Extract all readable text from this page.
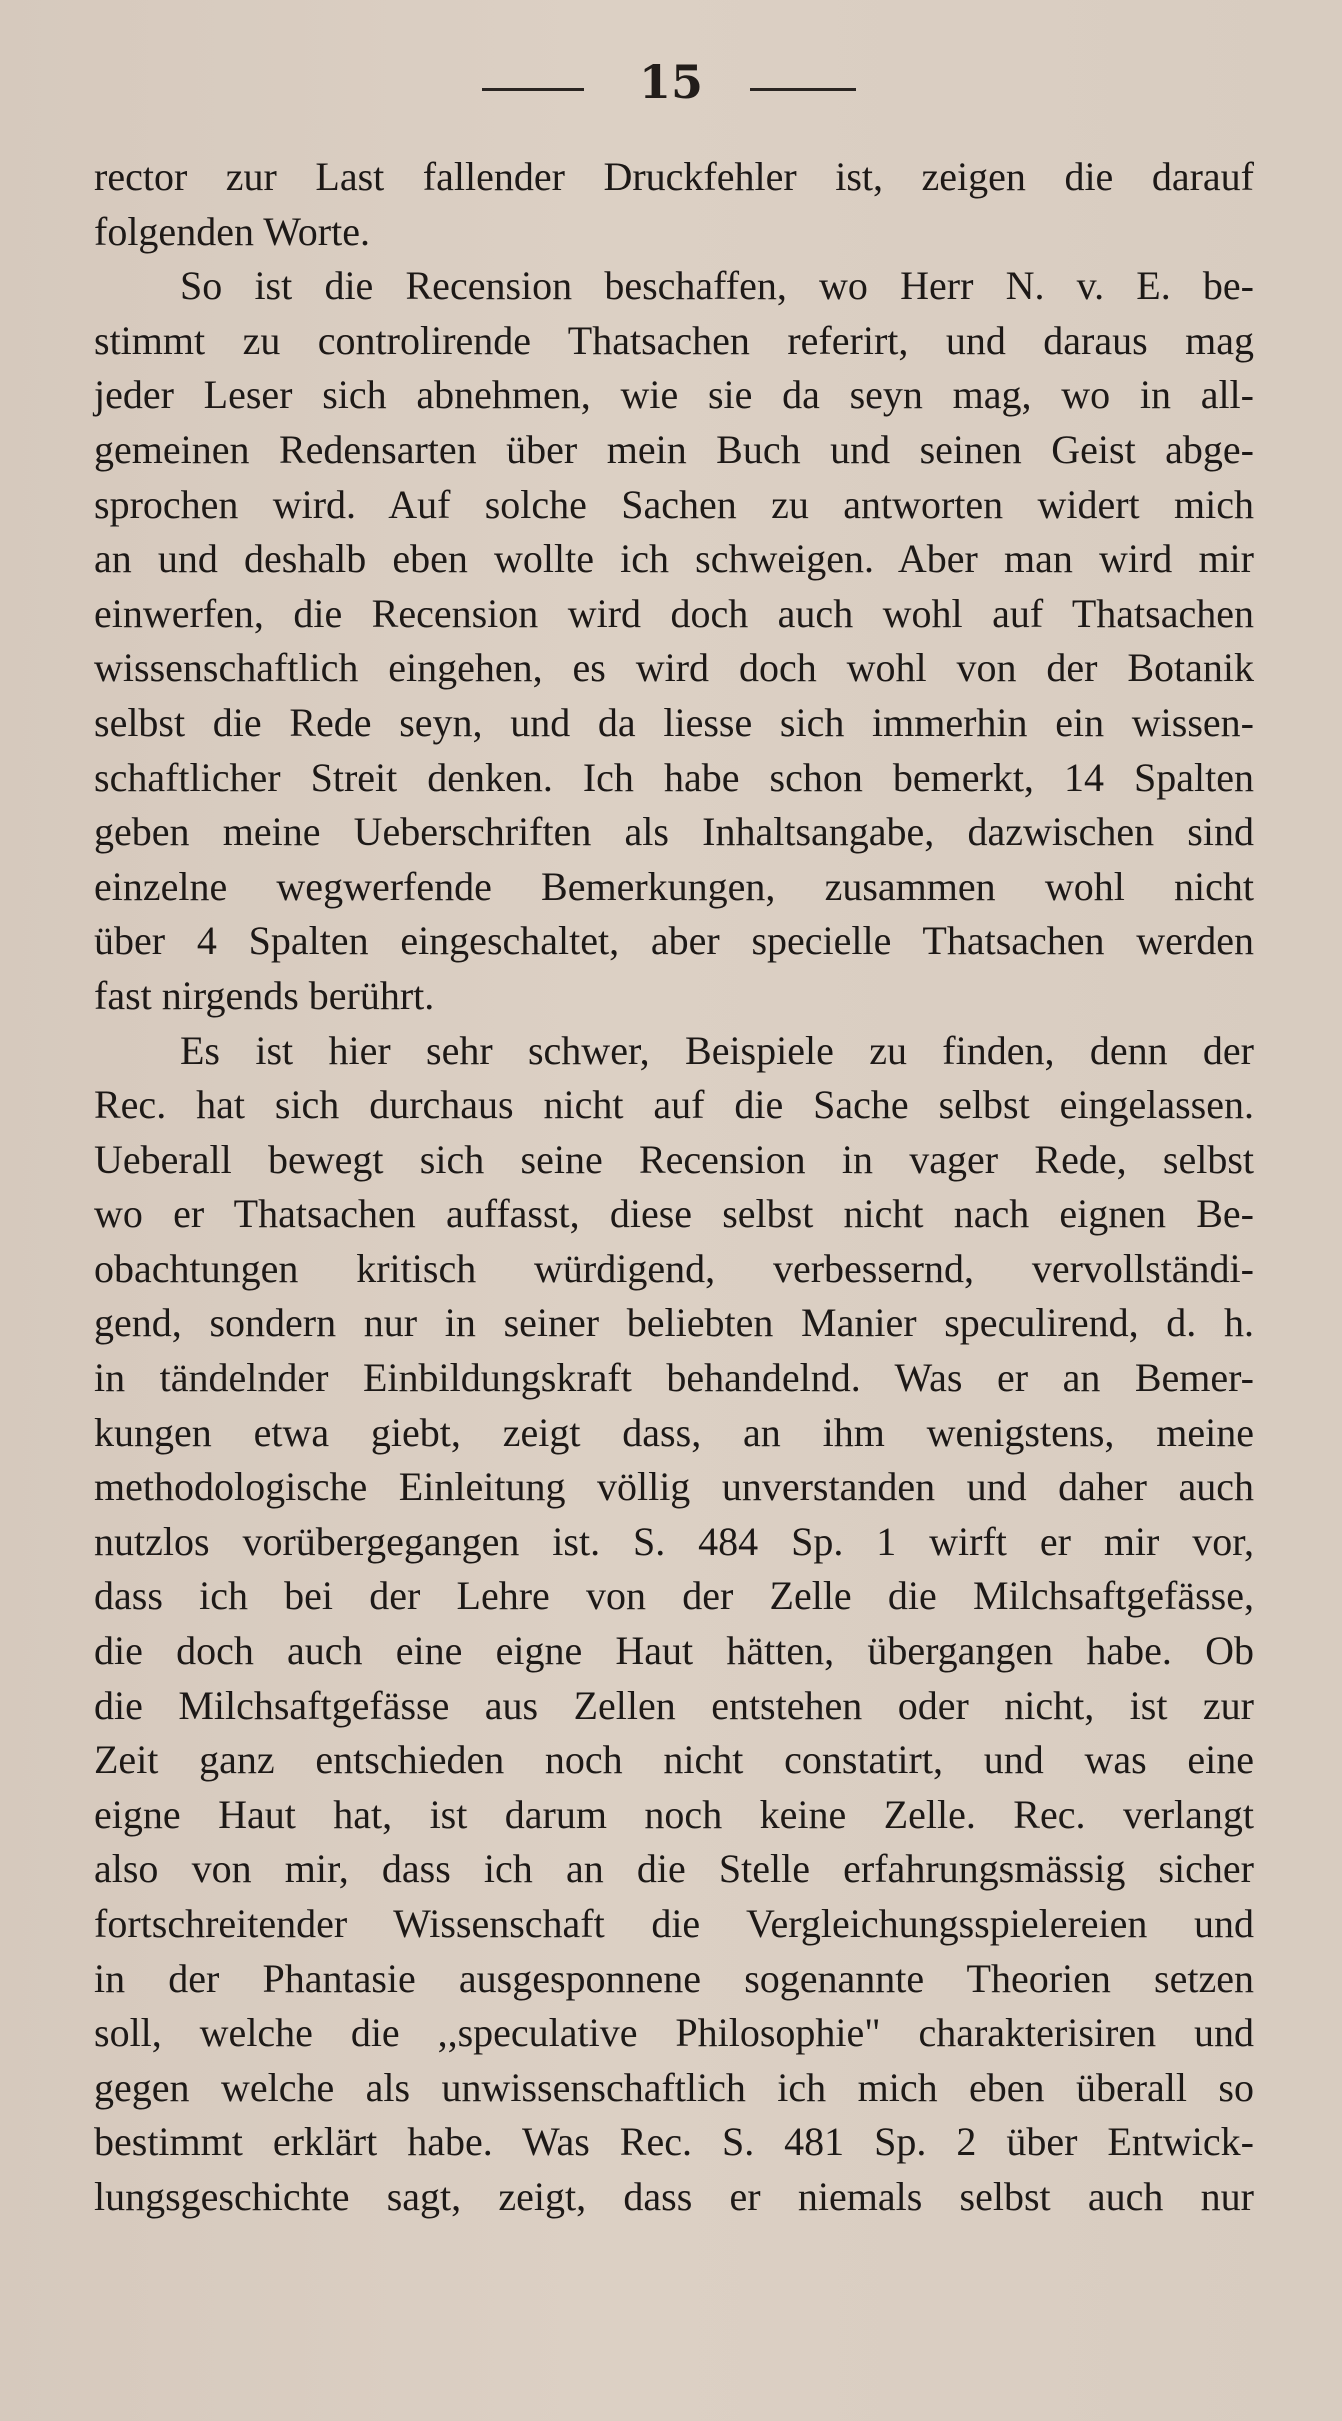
15
rector zur Last fallender Druckfehler ist, zeigen die darauf
folgenden Worte.
So ist die Recension beschaffen, wo Herr N. v. E. be-
stimmt zu controlirende Thatsachen referirt, und daraus mag
jeder Leser sich abnehmen, wie sie da seyn mag, wo in all-
gemeinen Redensarten über mein Buch und seinen Geist abge-
sprochen wird. Auf solche Sachen zu antworten widert mich
an und deshalb eben wollte ich schweigen. Aber man wird mir
einwerfen, die Recension wird doch auch wohl auf Thatsachen
wissenschaftlich eingehen, es wird doch wohl von der Botanik
selbst die Rede seyn, und da liesse sich immerhin ein wissen-
schaftlicher Streit denken. Ich habe schon bemerkt, 14 Spalten
geben meine Ueberschriften als Inhaltsangabe, dazwischen sind
einzelne wegwerfende Bemerkungen, zusammen wohl nicht
über 4 Spalten eingeschaltet, aber specielle Thatsachen werden
fast nirgends berührt.
Es ist hier sehr schwer, Beispiele zu finden, denn der
Rec. hat sich durchaus nicht auf die Sache selbst eingelassen.
Ueberall bewegt sich seine Recension in vager Rede, selbst
wo er Thatsachen auffasst, diese selbst nicht nach eignen Be-
obachtungen kritisch würdigend, verbessernd, vervollständi-
gend, sondern nur in seiner beliebten Manier speculirend, d. h.
in tändelnder Einbildungskraft behandelnd. Was er an Bemer-
kungen etwa giebt, zeigt dass, an ihm wenigstens, meine
methodologische Einleitung völlig unverstanden und daher auch
nutzlos vorübergegangen ist. S. 484 Sp. 1 wirft er mir vor,
dass ich bei der Lehre von der Zelle die Milchsaftgefässe,
die doch auch eine eigne Haut hätten, übergangen habe. Ob
die Milchsaftgefässe aus Zellen entstehen oder nicht, ist zur
Zeit ganz entschieden noch nicht constatirt, und was eine
eigne Haut hat, ist darum noch keine Zelle. Rec. verlangt
also von mir, dass ich an die Stelle erfahrungsmässig sicher
fortschreitender Wissenschaft die Vergleichungsspielereien und
in der Phantasie ausgesponnene sogenannte Theorien setzen
soll, welche die ,,speculative Philosophie" charakterisiren und
gegen welche als unwissenschaftlich ich mich eben überall so
bestimmt erklärt habe. Was Rec. S. 481 Sp. 2 über Entwick-
lungsgeschichte sagt, zeigt, dass er niemals selbst auch nur
